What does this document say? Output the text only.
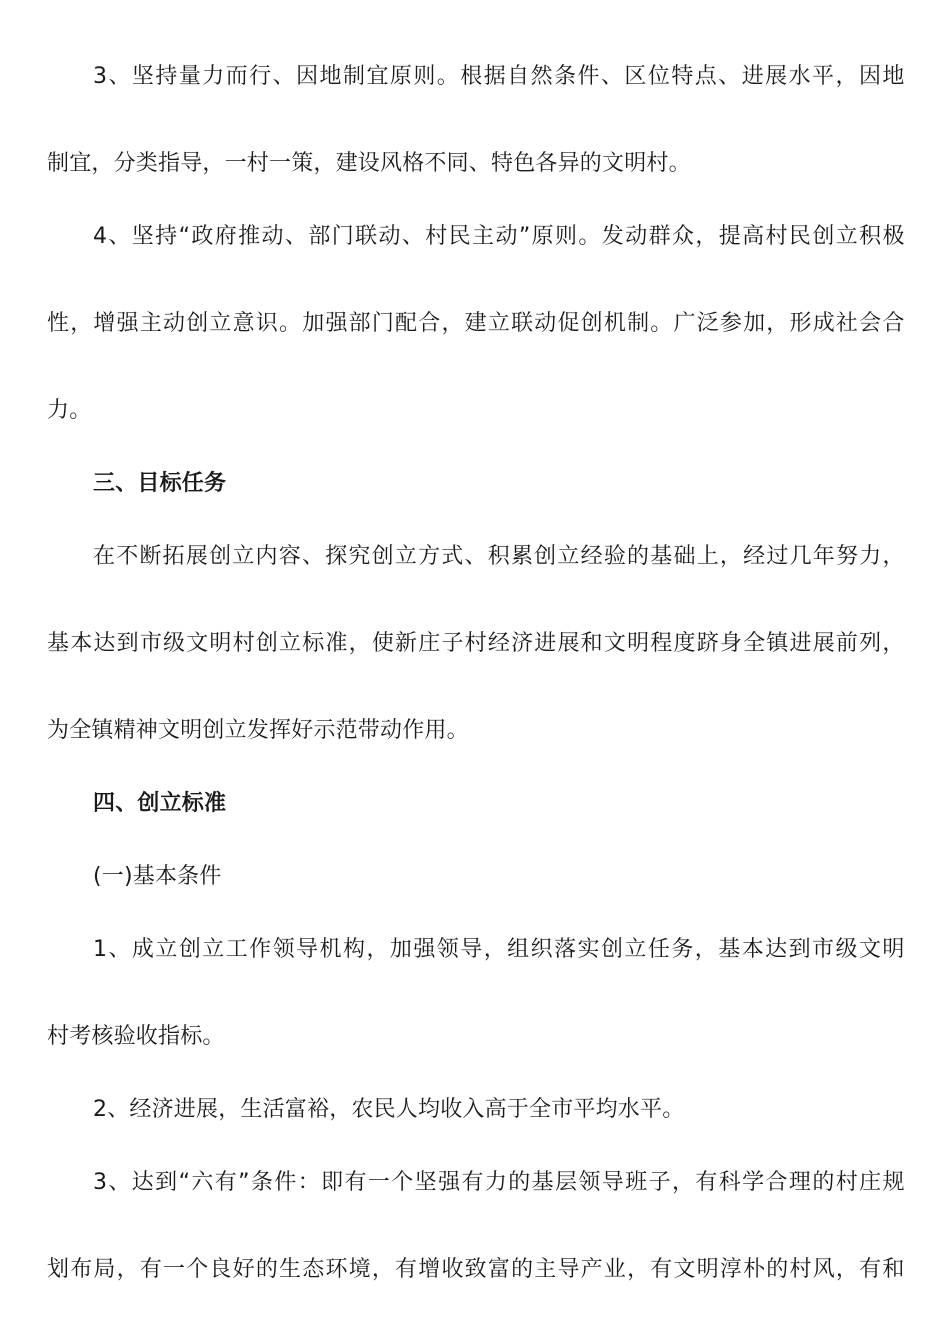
3 、 坚 持 量 力 而 行 、 因 地 制 宜 原 则 。 根 据 自 然 条 件 、 区 位 特 点 、 进 展 水 平 ， 因 地
制宜，分类指导，一村一策，建设风格不同、特色各异的文明村。
4 、 坚 持 “ 政 府 推 动 、 部 门 联 动 、 村 民 主 动 ” 原 则 。 发 动 群 众 ， 提 高 村 民 创 立 积 极
性 ， 增 强 主 动 创 立 意 识 。 加 强 部 门 配 合 ， 建 立 联 动 促 创 机 制 。 广 泛 参 加 ， 形 成 社 会 合
力。
三、目标任务
在 不 断 拓 展 创 立 内 容 、 探 究 创 立 方 式 、 积 累 创 立 经 验 的 基 础 上 ， 经 过 几 年 努 力 ，
基 本 达 到 市 级 文 明 村 创 立 标 准 ， 使 新 庄 子 村 经 济 进 展 和 文 明 程 度 跻 身 全 镇 进 展 前 列 ，
为全镇精神文明创立发挥好示范带动作用。
四、创立标准
(一)基本条件
1 、 成 立 创 立 工 作 领 导 机 构 ， 加 强 领 导 ， 组 织 落 实 创 立 任 务 ， 基 本 达 到 市 级 文 明
村考核验收指标。
2、经济进展，生活富裕，农民人均收入高于全市平均水平。
3 、 达 到 “ 六 有 ” 条 件 ： 即 有 一 个 坚 强 有 力 的 基 层 领 导 班 子 ， 有 科 学 合 理 的 村 庄 规
划 布 局 ， 有 一 个 良 好 的 生 态 环 境 ， 有 增 收 致 富 的 主 导 产 业 ， 有 文 明 淳 朴 的 村 风 ， 有 和
